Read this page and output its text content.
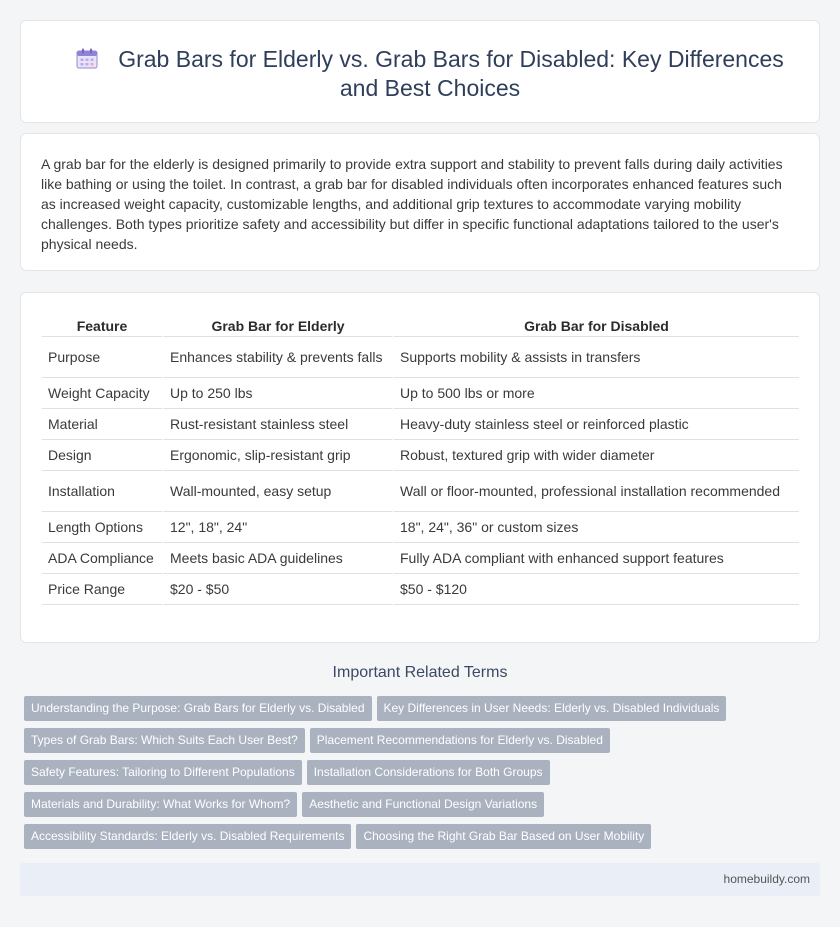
Grab Bars for Elderly vs. Grab Bars for Disabled: Key Differences and Best Choices

A grab bar for the elderly is designed primarily to provide extra support and stability to prevent falls during daily activities like bathing or using the toilet. In contrast, a grab bar for disabled individuals often incorporates enhanced features such as increased weight capacity, customizable lengths, and additional grip textures to accommodate varying mobility challenges. Both types prioritize safety and accessibility but differ in specific functional adaptations tailored to the user's physical needs.

Feature	Grab Bar for Elderly	Grab Bar for Disabled
Purpose	Enhances stability & prevents falls	Supports mobility & assists in transfers
Weight Capacity	Up to 250 lbs	Up to 500 lbs or more
Material	Rust-resistant stainless steel	Heavy-duty stainless steel or reinforced plastic
Design	Ergonomic, slip-resistant grip	Robust, textured grip with wider diameter
Installation	Wall-mounted, easy setup	Wall or floor-mounted, professional installation recommended
Length Options	12", 18", 24"	18", 24", 36" or custom sizes
ADA Compliance	Meets basic ADA guidelines	Fully ADA compliant with enhanced support features
Price Range	$20 - $50	$50 - $120
Important Related Terms
Understanding the Purpose: Grab Bars for Elderly vs. Disabled Key Differences in User Needs: Elderly vs. Disabled Individuals
Types of Grab Bars: Which Suits Each User Best? Placement Recommendations for Elderly vs. Disabled
Safety Features: Tailoring to Different Populations Installation Considerations for Both Groups
Materials and Durability: What Works for Whom? Aesthetic and Functional Design Variations
Accessibility Standards: Elderly vs. Disabled Requirements Choosing the Right Grab Bar Based on User Mobility
homebuildy.com
